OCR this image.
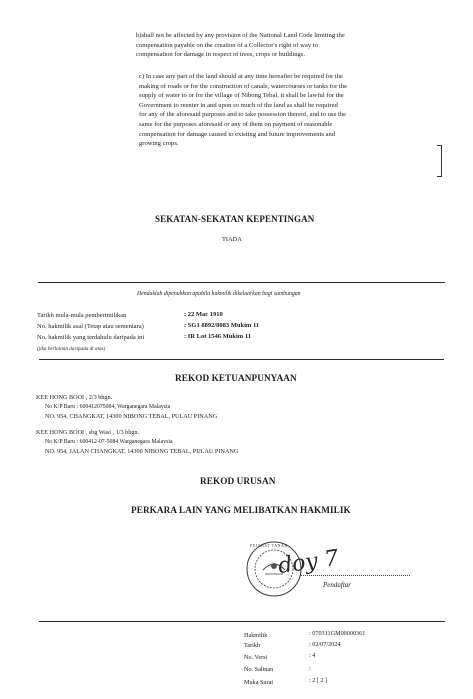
b)shall not be affected by any provision of the National Land Code limiting the compensation payable on the creation of a Collector's right of way to compensation for damage in respect of trees, crops or buildings.

c) In case any part of the land should at any time hereafter be required for the making of roads or for the construction of canals, watercourses or tanks for the supply of water to or for the village of Nibong Tebal, it shall be lawful for the Government to reenter in and upon so much of the land as shall be required for any of the aforesaid purposes and to take possession thereof, and to use the same for the purposes aforesaid or any of them on payment of reasonable compensation for damage caused to existing and future improvements and growing crops.

SEKATAN-SEKATAN KEPENTINGAN
TIADA
Hendaklah dipenuhkan apabila hakmilik dikeluarkan bagi sambungan
Tarikh mula-mula pemberimilikan	: 22 Mac 1910
No. hakmilik asal (Tetap atau sementara)	: SG1 8892/8083 Mukim 11
No. hakmilik yang terdahulu daripada ini	: IR Lot 1546 Mukim 11
(jika berlainan daripada di atas)
REKOD KETUANPUNYAAN
KEE HONG BOOI , 2/3 bhgn.
No K/P Baru : 600412075084, Warganegara Malaysia
NO. 954, CHANGKAT, 14300 NIBONG TEBAL, PULAU PINANG
KEE HONG BOOI , sbg Wasi , 1/3 bhgn.
No K/P Baru : 600412-07-5084 Warganegara Malaysia
NO. 954, JALAN CHANGKAT, 14300 NIBONG TEBAL, PULAU PINANG
REKOD URUSAN
PERKARA LAIN YANG MELIBATKAN HAKMILIK
PEJABAT TANAH
doy 7
Pendaftar
Hakmilik	: 070311GM00000361
Tarikh	: 02/07/2024
No. Versi	: 4
No. Salinan	:
Muka Surat	: 2 [ 2 ]
